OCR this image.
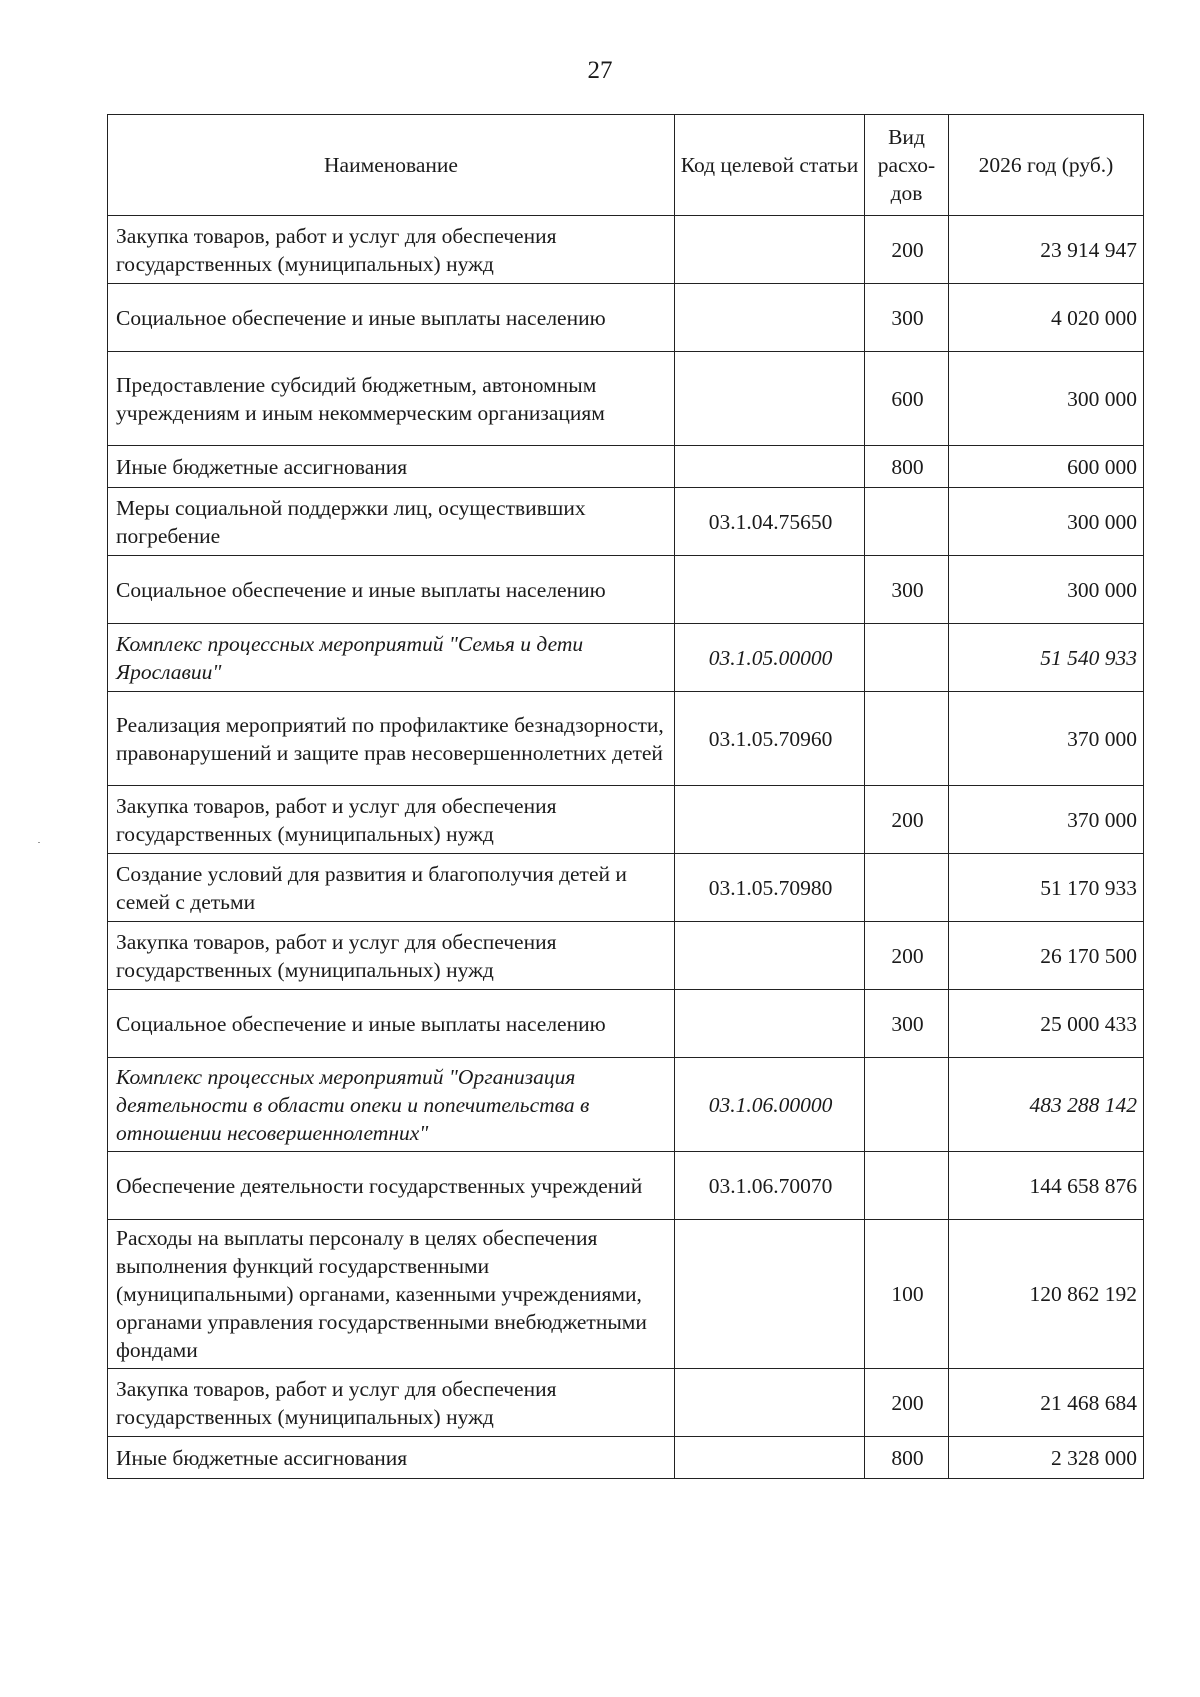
27
Наименование	Код целевой статьи	Вид расхо-дов	2026 год (руб.)
Закупка товаров, работ и услуг для обеспечения государственных (муниципальных) нужд		200	23 914 947
Социальное обеспечение и иные выплаты населению		300	4 020 000
Предоставление субсидий бюджетным, автономным учреждениям и иным некоммерческим организациям		600	300 000
Иные бюджетные ассигнования		800	600 000
Меры социальной поддержки лиц, осуществивших погребение	03.1.04.75650		300 000
Социальное обеспечение и иные выплаты населению		300	300 000
Комплекс процессных мероприятий "Семья и дети Ярославии"	03.1.05.00000		51 540 933
Реализация мероприятий по профилактике безнадзорности, правонарушений и защите прав несовершеннолетних детей	03.1.05.70960		370 000
Закупка товаров, работ и услуг для обеспечения государственных (муниципальных) нужд		200	370 000
Создание условий для развития и благополучия детей и семей с детьми	03.1.05.70980		51 170 933
Закупка товаров, работ и услуг для обеспечения государственных (муниципальных) нужд		200	26 170 500
Социальное обеспечение и иные выплаты населению		300	25 000 433
Комплекс процессных мероприятий "Организация деятельности в области опеки и попечительства в отношении несовершеннолетних"	03.1.06.00000		483 288 142
Обеспечение деятельности государственных учреждений	03.1.06.70070		144 658 876
Расходы на выплаты персоналу в целях обеспечения выполнения функций государственными (муниципальными) органами, казенными учреждениями, органами управления государственными внебюджетными фондами		100	120 862 192
Закупка товаров, работ и услуг для обеспечения государственных (муниципальных) нужд		200	21 468 684
Иные бюджетные ассигнования		800	2 328 000
